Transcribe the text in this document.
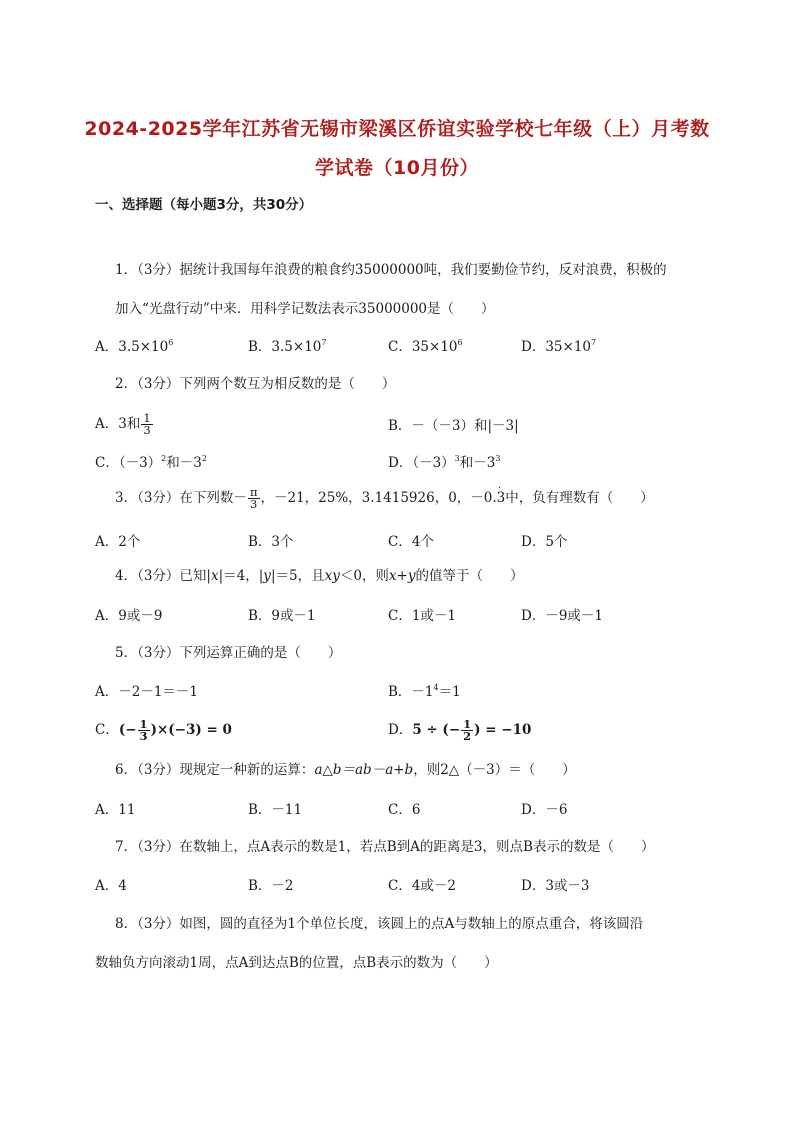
2024-2025学年江苏省无锡市梁溪区侨谊实验学校七年级（上）月考数
学试卷（10月份）
一、选择题（每小题3分，共30分）
1．（3分）据统计我国每年浪费的粮食约35000000吨，我们要勤俭节约，反对浪费，积极的
加入“光盘行动”中来．用科学记数法表示35000000是（　　）
A．$3.5\times 10^6$	B．$3.5\times 10^7$	C．$35\times 10^6$	D．$35\times 10^7$
2．（3分）下列两个数互为相反数的是（　　）
A．3和 $\frac{1}{3}$	B．－（－3）和|－3|
C．$(-3)^2$和$-3^2$	D．$(-3)^3$和$-3^3$
3．（3分）在下列数－ $\frac{\pi}{3}$ ，－21，25%，3.1415926，0，－0.˙ 3中，负有理数有（　　）
A．2个	B．3个	C．4个	D．5个
4．（3分）已知|x|＝4，|y|＝5，且xy＜0，则x+y的值等于（　　）
A．9或－9	B．9或－1	C．1或－1	D．－9或－1
5．（3分）下列运算正确的是（　　）
A．－2－1＝－1	B．$-1^4=1$
C．(− $\frac{1}{3} )\times(-3) = 0$	D．5 ÷ (− $\frac{1}{2}$ ) = −10
6．（3分）现规定一种新的运算：a△b＝ab－a+b，则2△（－3）＝（　　）
A．11	B．－11	C．6	D．－6
7．（3分）在数轴上，点A表示的数是1，若点B到A的距离是3，则点B表示的数是（　　）
A．4	B．－2	C．4或－2	D．3或－3
8．（3分）如图，圆的直径为1个单位长度，该圆上的点A与数轴上的原点重合，将该圆沿
数轴负方向滚动1周，点A到达点B的位置，点B表示的数为（　　）
